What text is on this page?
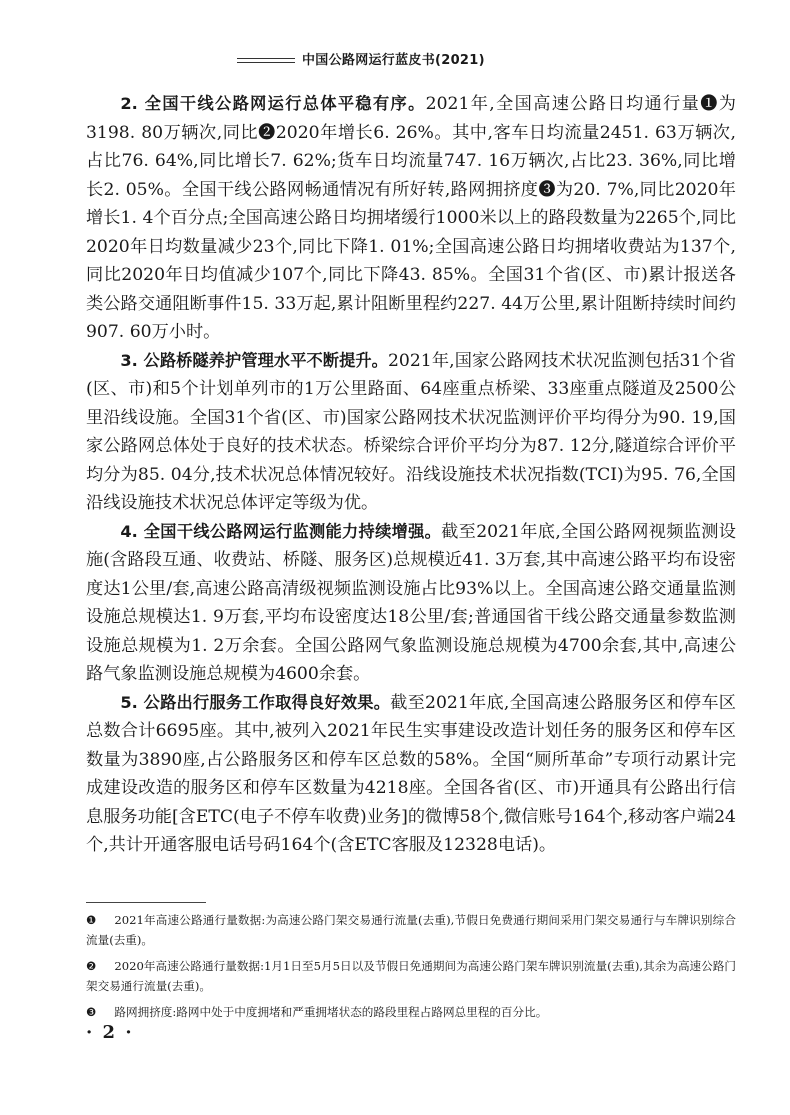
中国公路网运行蓝皮书(2021)

2. 全国干线公路网运行总体平稳有序。2021年,全国高速公路日均通行量❶为3198. 80万辆次,同比❷2020年增长6. 26%。其中,客车日均流量2451. 63万辆次,占比76. 64%,同比增长7. 62%;货车日均流量747. 16万辆次,占比23. 36%,同比增长2. 05%。全国干线公路网畅通情况有所好转,路网拥挤度❸为20. 7%,同比2020年增长1. 4个百分点;全国高速公路日均拥堵缓行1000米以上的路段数量为2265个,同比2020年日均数量减少23个,同比下降1. 01%;全国高速公路日均拥堵收费站为137个,同比2020年日均值减少107个,同比下降43. 85%。全国31个省(区、市)累计报送各类公路交通阻断事件15. 33万起,累计阻断里程约227. 44万公里,累计阻断持续时间约907. 60万小时。

3. 公路桥隧养护管理水平不断提升。2021年,国家公路网技术状况监测包括31个省(区、市)和5个计划单列市的1万公里路面、64座重点桥梁、33座重点隧道及2500公里沿线设施。全国31个省(区、市)国家公路网技术状况监测评价平均得分为90. 19,国家公路网总体处于良好的技术状态。桥梁综合评价平均分为87. 12分,隧道综合评价平均分为85. 04分,技术状况总体情况较好。沿线设施技术状况指数(TCI)为95. 76,全国沿线设施技术状况总体评定等级为优。

4. 全国干线公路网运行监测能力持续增强。截至2021年底,全国公路网视频监测设施(含路段互通、收费站、桥隧、服务区)总规模近41. 3万套,其中高速公路平均布设密度达1公里/套,高速公路高清级视频监测设施占比93%以上。全国高速公路交通量监测设施总规模达1. 9万套,平均布设密度达18公里/套;普通国省干线公路交通量参数监测设施总规模为1. 2万余套。全国公路网气象监测设施总规模为4700余套,其中,高速公路气象监测设施总规模为4600余套。

5. 公路出行服务工作取得良好效果。截至2021年底,全国高速公路服务区和停车区总数合计6695座。其中,被列入2021年民生实事建设改造计划任务的服务区和停车区数量为3890座,占公路服务区和停车区总数的58%。全国“厕所革命”专项行动累计完成建设改造的服务区和停车区数量为4218座。全国各省(区、市)开通具有公路出行信息服务功能[含ETC(电子不停车收费)业务]的微博58个,微信账号164个,移动客户端24个,共计开通客服电话号码164个(含ETC客服及12328电话)。

❶ 2021年高速公路通行量数据:为高速公路门架交易通行流量(去重),节假日免费通行期间采用门架交易通行与车牌识别综合流量(去重)。

❷ 2020年高速公路通行量数据:1月1日至5月5日以及节假日免通期间为高速公路门架车牌识别流量(去重),其余为高速公路门架交易通行流量(去重)。

❸ 路网拥挤度:路网中处于中度拥堵和严重拥堵状态的路段里程占路网总里程的百分比。

· 2 ·
